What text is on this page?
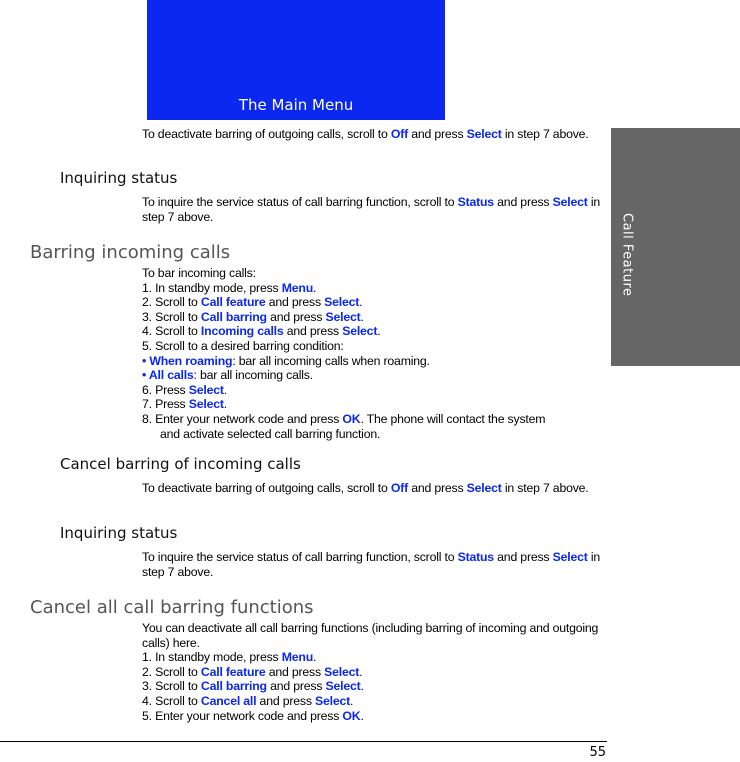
The Main Menu
Call Feature

To deactivate barring of outgoing calls, scroll to Off and press Select in step 7 above.

Inquiring status

To inquire the service status of call barring function, scroll to Status and press Select in step 7 above.

Barring incoming calls

To bar incoming calls:

1. In standby mode, press Menu.

2. Scroll to Call feature and press Select.

3. Scroll to Call barring and press Select.

4. Scroll to Incoming calls and press Select.

5. Scroll to a desired barring condition:

• When roaming: bar all incoming calls when roaming.

• All calls: bar all incoming calls.

6. Press Select.

7. Press Select.

8. Enter your network code and press OK. The phone will contact the system

and activate selected call barring function.

Cancel barring of incoming calls

To deactivate barring of outgoing calls, scroll to Off and press Select in step 7 above.

Inquiring status

To inquire the service status of call barring function, scroll to Status and press Select in step 7 above.

Cancel all call barring functions

You can deactivate all call barring functions (including barring of incoming and outgoing calls) here.

1. In standby mode, press Menu.

2. Scroll to Call feature and press Select.

3. Scroll to Call barring and press Select.

4. Scroll to Cancel all and press Select.

5. Enter your network code and press OK.

55
